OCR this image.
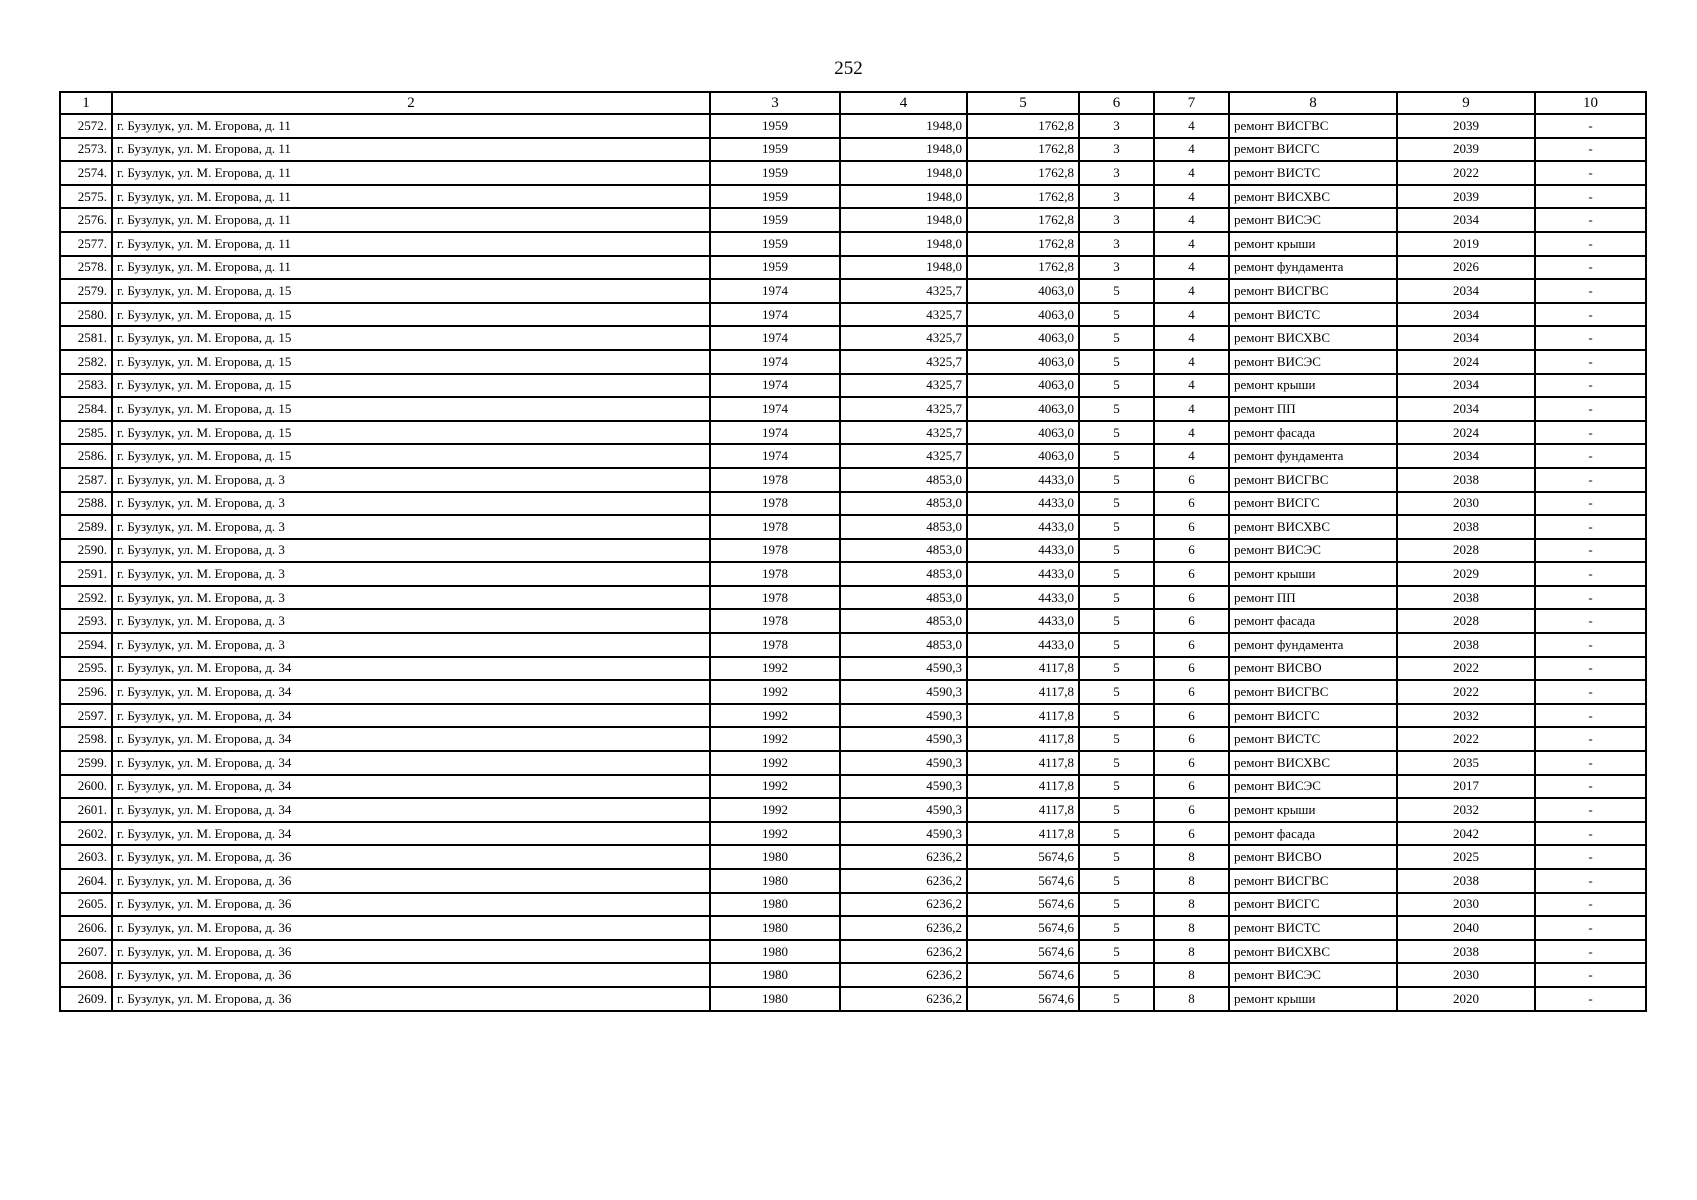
252
1	2	3	4	5	6	7	8	9	10
2572.	г. Бузулук, ул. М. Егорова, д. 11	1959	1948,0	1762,8	3	4	ремонт ВИСГВС	2039	-
2573.	г. Бузулук, ул. М. Егорова, д. 11	1959	1948,0	1762,8	3	4	ремонт ВИСГС	2039	-
2574.	г. Бузулук, ул. М. Егорова, д. 11	1959	1948,0	1762,8	3	4	ремонт ВИСТС	2022	-
2575.	г. Бузулук, ул. М. Егорова, д. 11	1959	1948,0	1762,8	3	4	ремонт ВИСХВС	2039	-
2576.	г. Бузулук, ул. М. Егорова, д. 11	1959	1948,0	1762,8	3	4	ремонт ВИСЭС	2034	-
2577.	г. Бузулук, ул. М. Егорова, д. 11	1959	1948,0	1762,8	3	4	ремонт крыши	2019	-
2578.	г. Бузулук, ул. М. Егорова, д. 11	1959	1948,0	1762,8	3	4	ремонт фундамента	2026	-
2579.	г. Бузулук, ул. М. Егорова, д. 15	1974	4325,7	4063,0	5	4	ремонт ВИСГВС	2034	-
2580.	г. Бузулук, ул. М. Егорова, д. 15	1974	4325,7	4063,0	5	4	ремонт ВИСТС	2034	-
2581.	г. Бузулук, ул. М. Егорова, д. 15	1974	4325,7	4063,0	5	4	ремонт ВИСХВС	2034	-
2582.	г. Бузулук, ул. М. Егорова, д. 15	1974	4325,7	4063,0	5	4	ремонт ВИСЭС	2024	-
2583.	г. Бузулук, ул. М. Егорова, д. 15	1974	4325,7	4063,0	5	4	ремонт крыши	2034	-
2584.	г. Бузулук, ул. М. Егорова, д. 15	1974	4325,7	4063,0	5	4	ремонт ПП	2034	-
2585.	г. Бузулук, ул. М. Егорова, д. 15	1974	4325,7	4063,0	5	4	ремонт фасада	2024	-
2586.	г. Бузулук, ул. М. Егорова, д. 15	1974	4325,7	4063,0	5	4	ремонт фундамента	2034	-
2587.	г. Бузулук, ул. М. Егорова, д. 3	1978	4853,0	4433,0	5	6	ремонт ВИСГВС	2038	-
2588.	г. Бузулук, ул. М. Егорова, д. 3	1978	4853,0	4433,0	5	6	ремонт ВИСГС	2030	-
2589.	г. Бузулук, ул. М. Егорова, д. 3	1978	4853,0	4433,0	5	6	ремонт ВИСХВС	2038	-
2590.	г. Бузулук, ул. М. Егорова, д. 3	1978	4853,0	4433,0	5	6	ремонт ВИСЭС	2028	-
2591.	г. Бузулук, ул. М. Егорова, д. 3	1978	4853,0	4433,0	5	6	ремонт крыши	2029	-
2592.	г. Бузулук, ул. М. Егорова, д. 3	1978	4853,0	4433,0	5	6	ремонт ПП	2038	-
2593.	г. Бузулук, ул. М. Егорова, д. 3	1978	4853,0	4433,0	5	6	ремонт фасада	2028	-
2594.	г. Бузулук, ул. М. Егорова, д. 3	1978	4853,0	4433,0	5	6	ремонт фундамента	2038	-
2595.	г. Бузулук, ул. М. Егорова, д. 34	1992	4590,3	4117,8	5	6	ремонт ВИСВО	2022	-
2596.	г. Бузулук, ул. М. Егорова, д. 34	1992	4590,3	4117,8	5	6	ремонт ВИСГВС	2022	-
2597.	г. Бузулук, ул. М. Егорова, д. 34	1992	4590,3	4117,8	5	6	ремонт ВИСГС	2032	-
2598.	г. Бузулук, ул. М. Егорова, д. 34	1992	4590,3	4117,8	5	6	ремонт ВИСТС	2022	-
2599.	г. Бузулук, ул. М. Егорова, д. 34	1992	4590,3	4117,8	5	6	ремонт ВИСХВС	2035	-
2600.	г. Бузулук, ул. М. Егорова, д. 34	1992	4590,3	4117,8	5	6	ремонт ВИСЭС	2017	-
2601.	г. Бузулук, ул. М. Егорова, д. 34	1992	4590,3	4117,8	5	6	ремонт крыши	2032	-
2602.	г. Бузулук, ул. М. Егорова, д. 34	1992	4590,3	4117,8	5	6	ремонт фасада	2042	-
2603.	г. Бузулук, ул. М. Егорова, д. 36	1980	6236,2	5674,6	5	8	ремонт ВИСВО	2025	-
2604.	г. Бузулук, ул. М. Егорова, д. 36	1980	6236,2	5674,6	5	8	ремонт ВИСГВС	2038	-
2605.	г. Бузулук, ул. М. Егорова, д. 36	1980	6236,2	5674,6	5	8	ремонт ВИСГС	2030	-
2606.	г. Бузулук, ул. М. Егорова, д. 36	1980	6236,2	5674,6	5	8	ремонт ВИСТС	2040	-
2607.	г. Бузулук, ул. М. Егорова, д. 36	1980	6236,2	5674,6	5	8	ремонт ВИСХВС	2038	-
2608.	г. Бузулук, ул. М. Егорова, д. 36	1980	6236,2	5674,6	5	8	ремонт ВИСЭС	2030	-
2609.	г. Бузулук, ул. М. Егорова, д. 36	1980	6236,2	5674,6	5	8	ремонт крыши	2020	-
